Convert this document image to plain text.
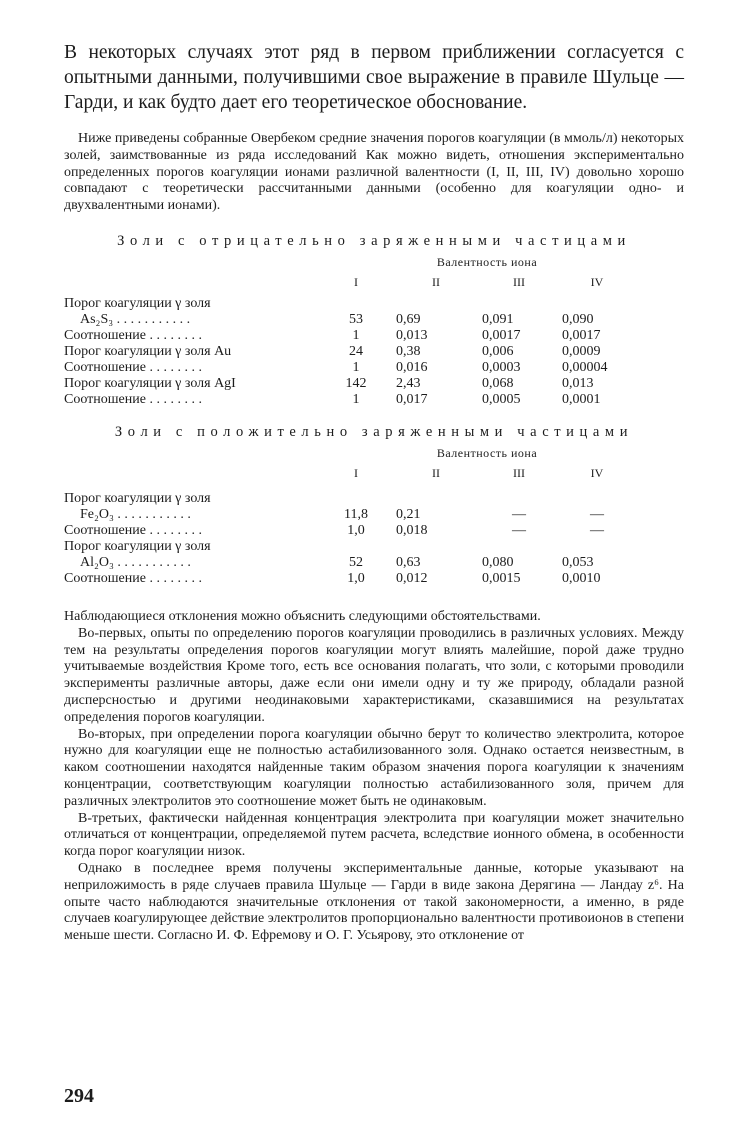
В некоторых случаях этот ряд в первом приближении согласуется с опытными данными, получившими свое выражение в правиле Шульце — Гарди, и как будто дает его теоретическое обоснование.

Ниже приведены собранные Овербеком средние значения порогов коагуляции (в ммоль/л) некоторых золей, заимствованные из ряда исследований Как можно видеть, отношения экспериментально определенных порогов коагуляции ионами различной валентности (I, II, III, IV) довольно хорошо совпадают с теоретически рассчитанными данными (особенно для коагуляции одно- и двухвалентными ионами).

Золи с отрицательно заряженными частицами
	Валентность иона			
	I	II	III	IV

Порог коагуляции γ золя
As₂S₃ . . . . . . . . . . .	53	0,69	0,091	0,090
Соотношение . . . . . . . .	1	0,013	0,0017	0,0017
Порог коагуляции γ золя Au	24	0,38	0,006	0,0009
Соотношение . . . . . . . .	1	0,016	0,0003	0,00004
Порог коагуляции γ золя AgI	142	2,43	0,068	0,013
Соотношение . . . . . . . .	1	0,017	0,0005	0,0001
Золи с положительно заряженными частицами
	Валентность иона			
	I	II	III	IV

Порог коагуляции γ золя
Fe₂O₃ . . . . . . . . . . .	11,8	0,21	—	—
Соотношение . . . . . . . .	1,0	0,018	—	—

Порог коагуляции γ золя
Al₂O₃ . . . . . . . . . . .	52	0,63	0,080	0,053
Соотношение . . . . . . . .	1,0	0,012	0,0015	0,0010

Наблюдающиеся отклонения можно объяснить следующими обстоятельствами.

Во-первых, опыты по определению порогов коагуляции проводились в различных условиях. Между тем на результаты определения порогов коагуляции могут влиять малейшие, порой даже трудно учитываемые воздействия Кроме того, есть все основания полагать, что золи, с которыми проводили эксперименты различные авторы, даже если они имели одну и ту же природу, обладали разной дисперсностью и другими неодинаковыми характеристиками, сказавшимися на результатах определения порогов коагуляции.

Во-вторых, при определении порога коагуляции обычно берут то количество электролита, которое нужно для коагуляции еще не полностью астабилизованного золя. Однако остается неизвестным, в каком соотношении находятся найденные таким образом значения порога коагуляции к значениям концентрации, соответствующим коагуляции полностью астабилизованного золя, причем для различных электролитов это соотношение может быть не одинаковым.

В-третьих, фактически найденная концентрация электролита при коагуляции может значительно отличаться от концентрации, определяемой путем расчета, вследствие ионного обмена, в особенности когда порог коагуляции низок.

Однако в последнее время получены экспериментальные данные, которые указывают на неприложимость в ряде случаев правила Шульце — Гарди в виде закона Дерягина — Ландау z⁶. На опыте часто наблюдаются значительные отклонения от такой закономерности, а именно, в ряде случаев коагулирующее действие электролитов пропорционально валентности противоионов в степени меньше шести. Согласно И. Ф. Ефремову и О. Г. Усьярову, это отклонение от

294
